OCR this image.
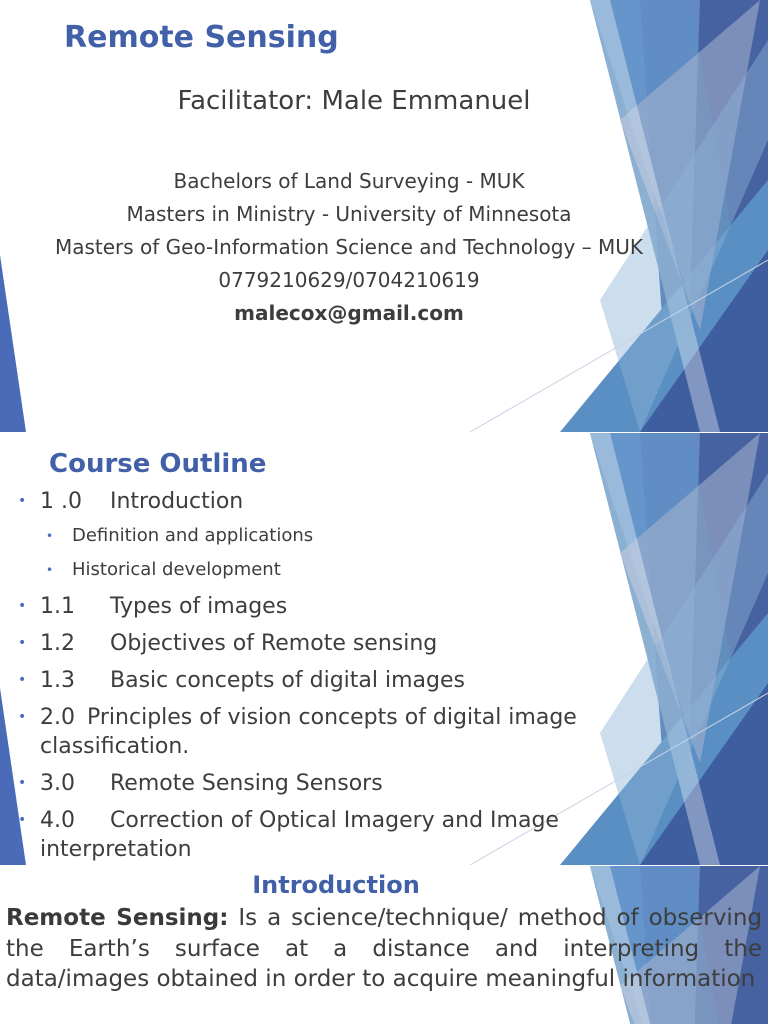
Remote Sensing
Facilitator: Male Emmanuel
Bachelors of Land Surveying - MUK
Masters in Ministry - University of Minnesota
Masters of Geo-Information Science and Technology – MUK
0779210629/0704210619
malecox@gmail.com
Course Outline
• 1 .0 Introduction
• Definition and applications
• Historical development
• 1.1 Types of images
• 1.2 Objectives of Remote sensing
• 1.3 Basic concepts of digital images
• 2.0 Principles of vision concepts of digital image classification.
• 3.0 Remote Sensing Sensors
• 4.0 Correction of Optical Imagery and Image interpretation
Introduction
Remote Sensing: Is a science/technique/ method of observing the Earth’s surface at a distance and interpreting the data/images obtained in order to acquire meaningful information
